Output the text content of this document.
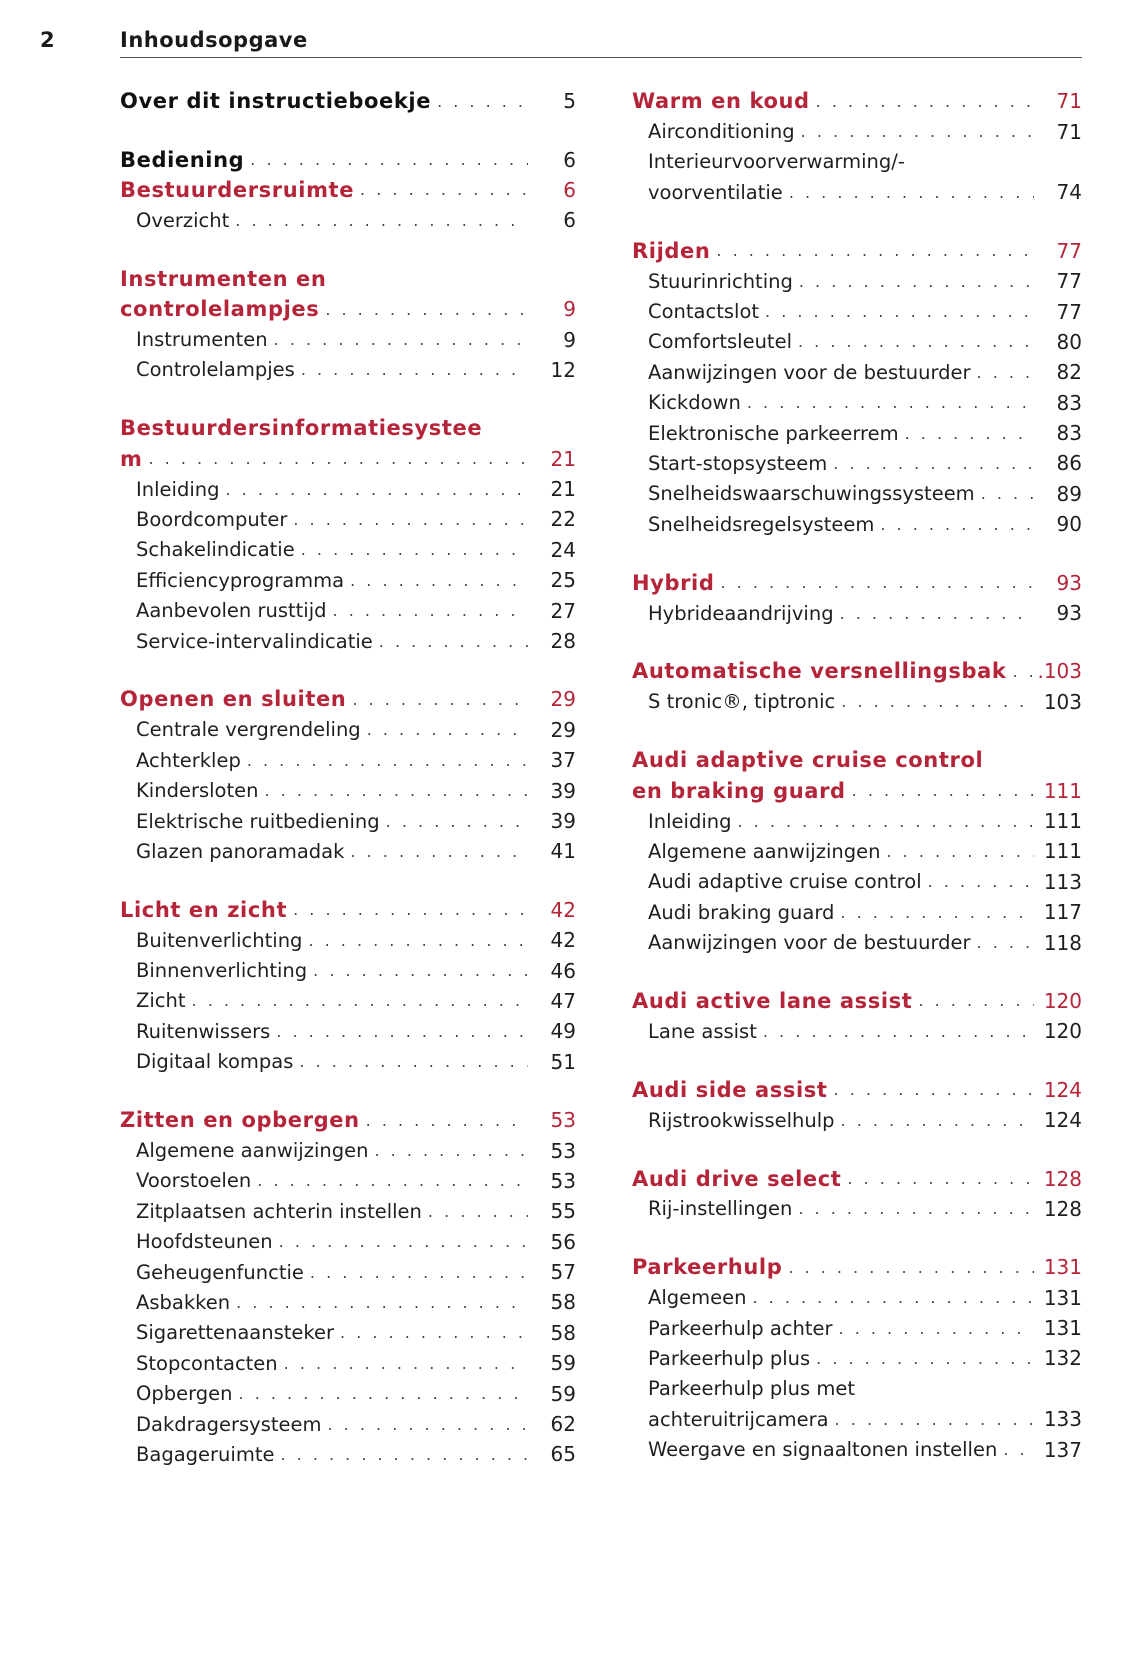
2	Inhoudsopgave
Over dit instructieboekje . . .	5
Bediening . . .	6
Bestuurdersruimte . . .	6
Overzicht . . .	6
Instrumenten en
controlelampjes . . .	9
Instrumenten . . .	9
Controlelampjes . . .	12
Bestuurdersinformatiesystee
m . . .	21
Inleiding . . .	21
Boordcomputer . . .	22
Schakelindicatie . . .	24
Efficiencyprogramma . . .	25
Aanbevolen rusttijd . . .	27
Service-intervalindicatie . . .	28
Openen en sluiten . . .	29
Centrale vergrendeling . . .	29
Achterklep . . .	37
Kindersloten . . .	39
Elektrische ruitbediening . . .	39
Glazen panoramadak . . .	41
Licht en zicht . . .	42
Buitenverlichting . . .	42
Binnenverlichting . . .	46
Zicht . . .	47
Ruitenwissers . . .	49
Digitaal kompas . . .	51
Zitten en opbergen . . .	53
Algemene aanwijzingen . . .	53
Voorstoelen . . .	53
Zitplaatsen achterin instellen . . .	55
Hoofdsteunen . . .	56
Geheugenfunctie . . .	57
Asbakken . . .	58
Sigarettenaansteker . . .	58
Stopcontacten . . .	59
Opbergen . . .	59
Dakdragersysteem . . .	62
Bagageruimte . . .	65
Warm en koud . . .	71
Airconditioning . . .	71
Interieurvoorverwarming/-
voorventilatie . . .	74
Rijden . . .	77
Stuurinrichting . . .	77
Contactslot . . .	77
Comfortsleutel . . .	80
Aanwijzingen voor de bestuurder . . .	82
Kickdown . . .	83
Elektronische parkeerrem . . .	83
Start-stopsysteem . . .	86
Snelheidswaarschuwingssysteem . . .	89
Snelheidsregelsysteem . . .	90
Hybrid . . .	93
Hybrideaandrijving . . .	93
Automatische versnellingsbak . . . .103
S tronic®, tiptronic . . .	103
Audi adaptive cruise control
en braking guard . . .	111
Inleiding . . .	111
Algemene aanwijzingen . . .	111
Audi adaptive cruise control . . .	113
Audi braking guard . . .	117
Aanwijzingen voor de bestuurder . . .	118
Audi active lane assist . . .	120
Lane assist . . .	120
Audi side assist . . .	124
Rijstrookwisselhulp . . .	124
Audi drive select . . .	128
Rij-instellingen . . .	128
Parkeerhulp . . .	131
Algemeen . . .	131
Parkeerhulp achter . . .	131
Parkeerhulp plus . . .	132
Parkeerhulp plus met
achteruitrijcamera . . .	133
Weergave en signaaltonen instellen . . . 137
